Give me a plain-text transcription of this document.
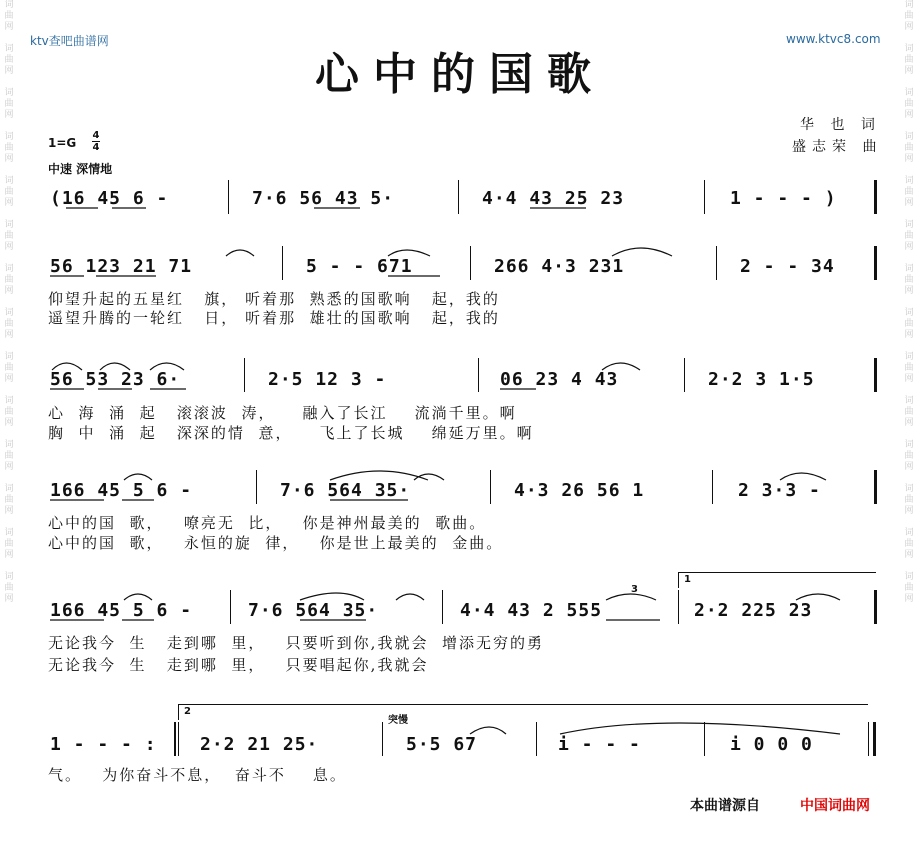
词曲网

词曲网

词曲网

词曲网

词曲网

词曲网

词曲网

词曲网

词曲网

词曲网

词曲网

词曲网

词曲网

词曲网
词曲网

词曲网

词曲网

词曲网

词曲网

词曲网

词曲网

词曲网

词曲网

词曲网

词曲网

词曲网

词曲网

词曲网
ktv查吧曲谱网	www.ktvc8.com
心中的国歌
1=G
4
4
中速 深情地
华 也 词
盛志荣 曲
(16 45 6 -	7·6 56 43 5·	4·4 43 25 23	1 - - - )
56 123 21 71	5 - - 671	266 4·3 231	2 - - 34
仰望升起的五星红   旗， 听着那  熟悉的国歌响   起，我的
遥望升腾的一轮红   日， 听着那  雄壮的国歌响   起，我的
56 53 23 6·	2·5 12 3 -	06 23 4 43	2·2 3 1·5
心  海  涌  起   滚滚波  涛，    融入了长江    流淌千里。啊
胸  中  涌  起   深深的情  意，    飞上了长城    绵延万里。啊
166 45 5 6 -	7·6 564 35·	4·3 26 56 1	2 3·3 -
心中的国  歌，   嘹亮无  比，   你是神州最美的  歌曲。
心中的国  歌，   永恒的旋  律，   你是世上最美的  金曲。
166 45 5 6 -	7·6 564 35·	4·4 43 2 555	2·2 225 23
1
3
无论我今  生   走到哪  里，   只要听到你,我就会  增添无穷的勇
无论我今  生   走到哪  里，   只要唱起你,我就会
1 - - - : 2·2 21 25·	5·5 67	i - - -	i 0 0 0
2
突慢
气。   为你奋斗不息，  奋斗不    息。
本曲谱源自	中国词曲网
